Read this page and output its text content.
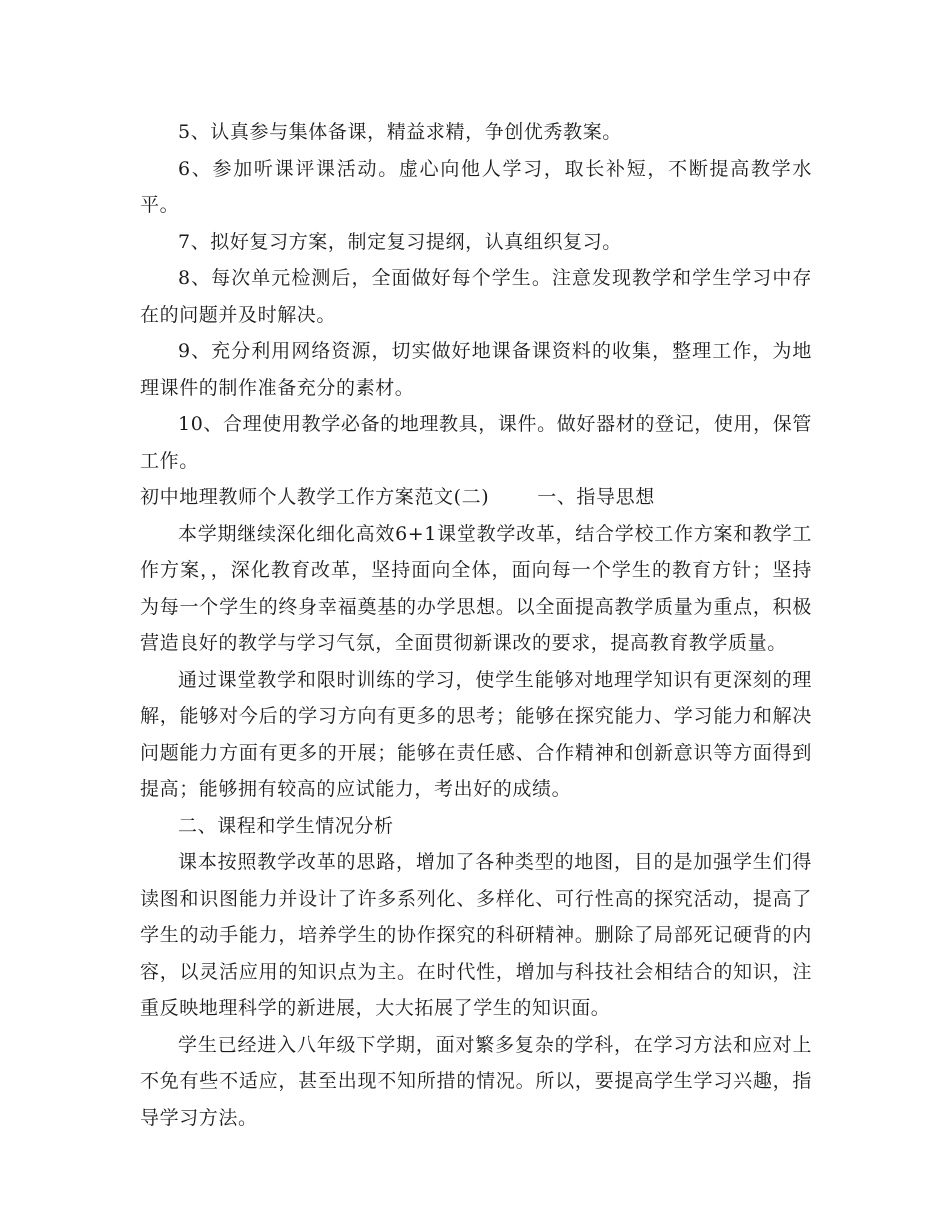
5、认真参与集体备课，精益求精，争创优秀教案。

6、参加听课评课活动。虚心向他人学习，取长补短，不断提高教学水平。

7、拟好复习方案，制定复习提纲，认真组织复习。

8、每次单元检测后，全面做好每个学生。注意发现教学和学生学习中存在的问题并及时解决。

9、充分利用网络资源，切实做好地课备课资料的收集，整理工作，为地理课件的制作准备充分的素材。

10、合理使用教学必备的地理教具，课件。做好器材的登记，使用，保管工作。

初中地理教师个人教学工作方案范文(二)	一、指导思想

本学期继续深化细化高效6+1课堂教学改革，结合学校工作方案和教学工作方案，，深化教育改革，坚持面向全体，面向每一个学生的教育方针；坚持为每一个学生的终身幸福奠基的办学思想。以全面提高教学质量为重点，积极营造良好的教学与学习气氛，全面贯彻新课改的要求，提高教育教学质量。

通过课堂教学和限时训练的学习，使学生能够对地理学知识有更深刻的理解，能够对今后的学习方向有更多的思考；能够在探究能力、学习能力和解决问题能力方面有更多的开展；能够在责任感、合作精神和创新意识等方面得到提高；能够拥有较高的应试能力，考出好的成绩。

二、课程和学生情况分析

课本按照教学改革的思路，增加了各种类型的地图，目的是加强学生们得读图和识图能力并设计了许多系列化、多样化、可行性高的探究活动，提高了学生的动手能力，培养学生的协作探究的科研精神。删除了局部死记硬背的内容，以灵活应用的知识点为主。在时代性，增加与科技社会相结合的知识，注重反映地理科学的新进展，大大拓展了学生的知识面。

学生已经进入八年级下学期，面对繁多复杂的学科，在学习方法和应对上不免有些不适应，甚至出现不知所措的情况。所以，要提高学生学习兴趣，指导学习方法。
